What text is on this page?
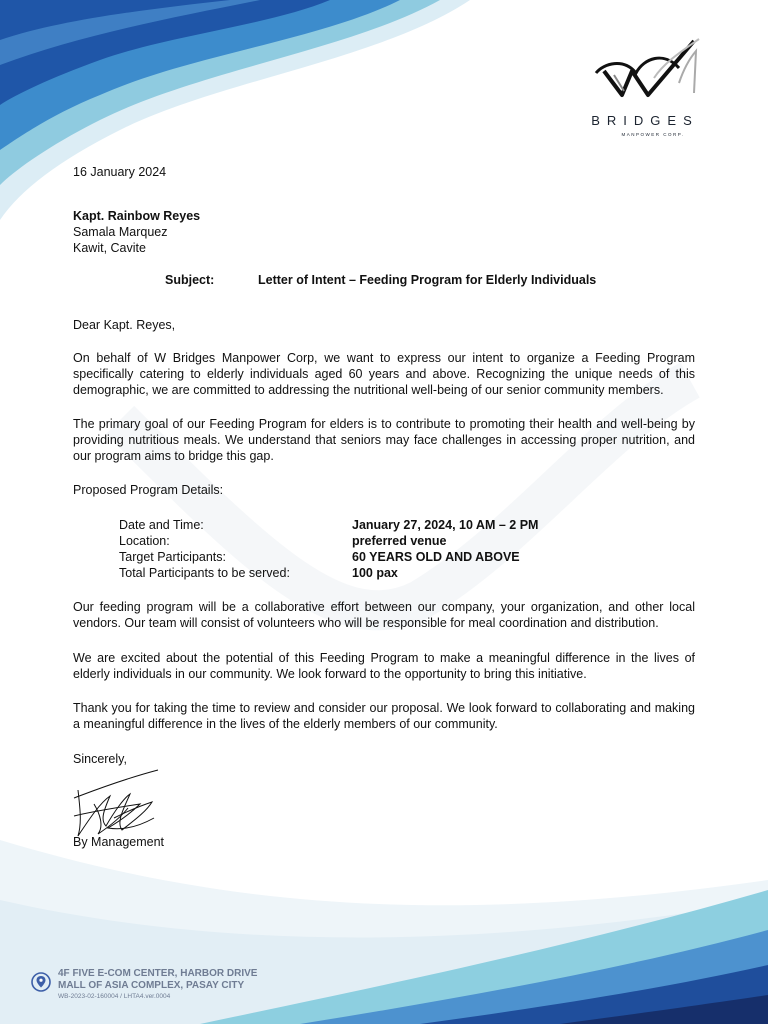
BRIDGES
MANPOWER CORP.
16 January 2024
Kapt. Rainbow Reyes
Samala Marquez
Kawit, Cavite
Subject:	Letter of Intent – Feeding Program for Elderly Individuals
Dear Kapt. Reyes,
On behalf of W Bridges Manpower Corp, we want to express our intent to organize a Feeding Program specifically catering to elderly individuals aged 60 years and above. Recognizing the unique needs of this demographic, we are committed to addressing the nutritional well-being of our senior community members.
The primary goal of our Feeding Program for elders is to contribute to promoting their health and well-being by providing nutritious meals. We understand that seniors may face challenges in accessing proper nutrition, and our program aims to bridge this gap.
Proposed Program Details:
Date and Time:	January 27, 2024, 10 AM – 2 PM
Location:	preferred venue
Target Participants:	60 YEARS OLD AND ABOVE
Total Participants to be served:	100 pax
Our feeding program will be a collaborative effort between our company, your organization, and other local vendors. Our team will consist of volunteers who will be responsible for meal coordination and distribution.
We are excited about the potential of this Feeding Program to make a meaningful difference in the lives of elderly individuals in our community. We look forward to the opportunity to bring this initiative.
Thank you for taking the time to review and consider our proposal. We look forward to collaborating and making a meaningful difference in the lives of the elderly members of our community.
Sincerely,
By Management
4F FIVE E-COM CENTER, HARBOR DRIVE
MALL OF ASIA COMPLEX, PASAY CITY
WB-2023-02-160004 / LHTA4.ver.0004
